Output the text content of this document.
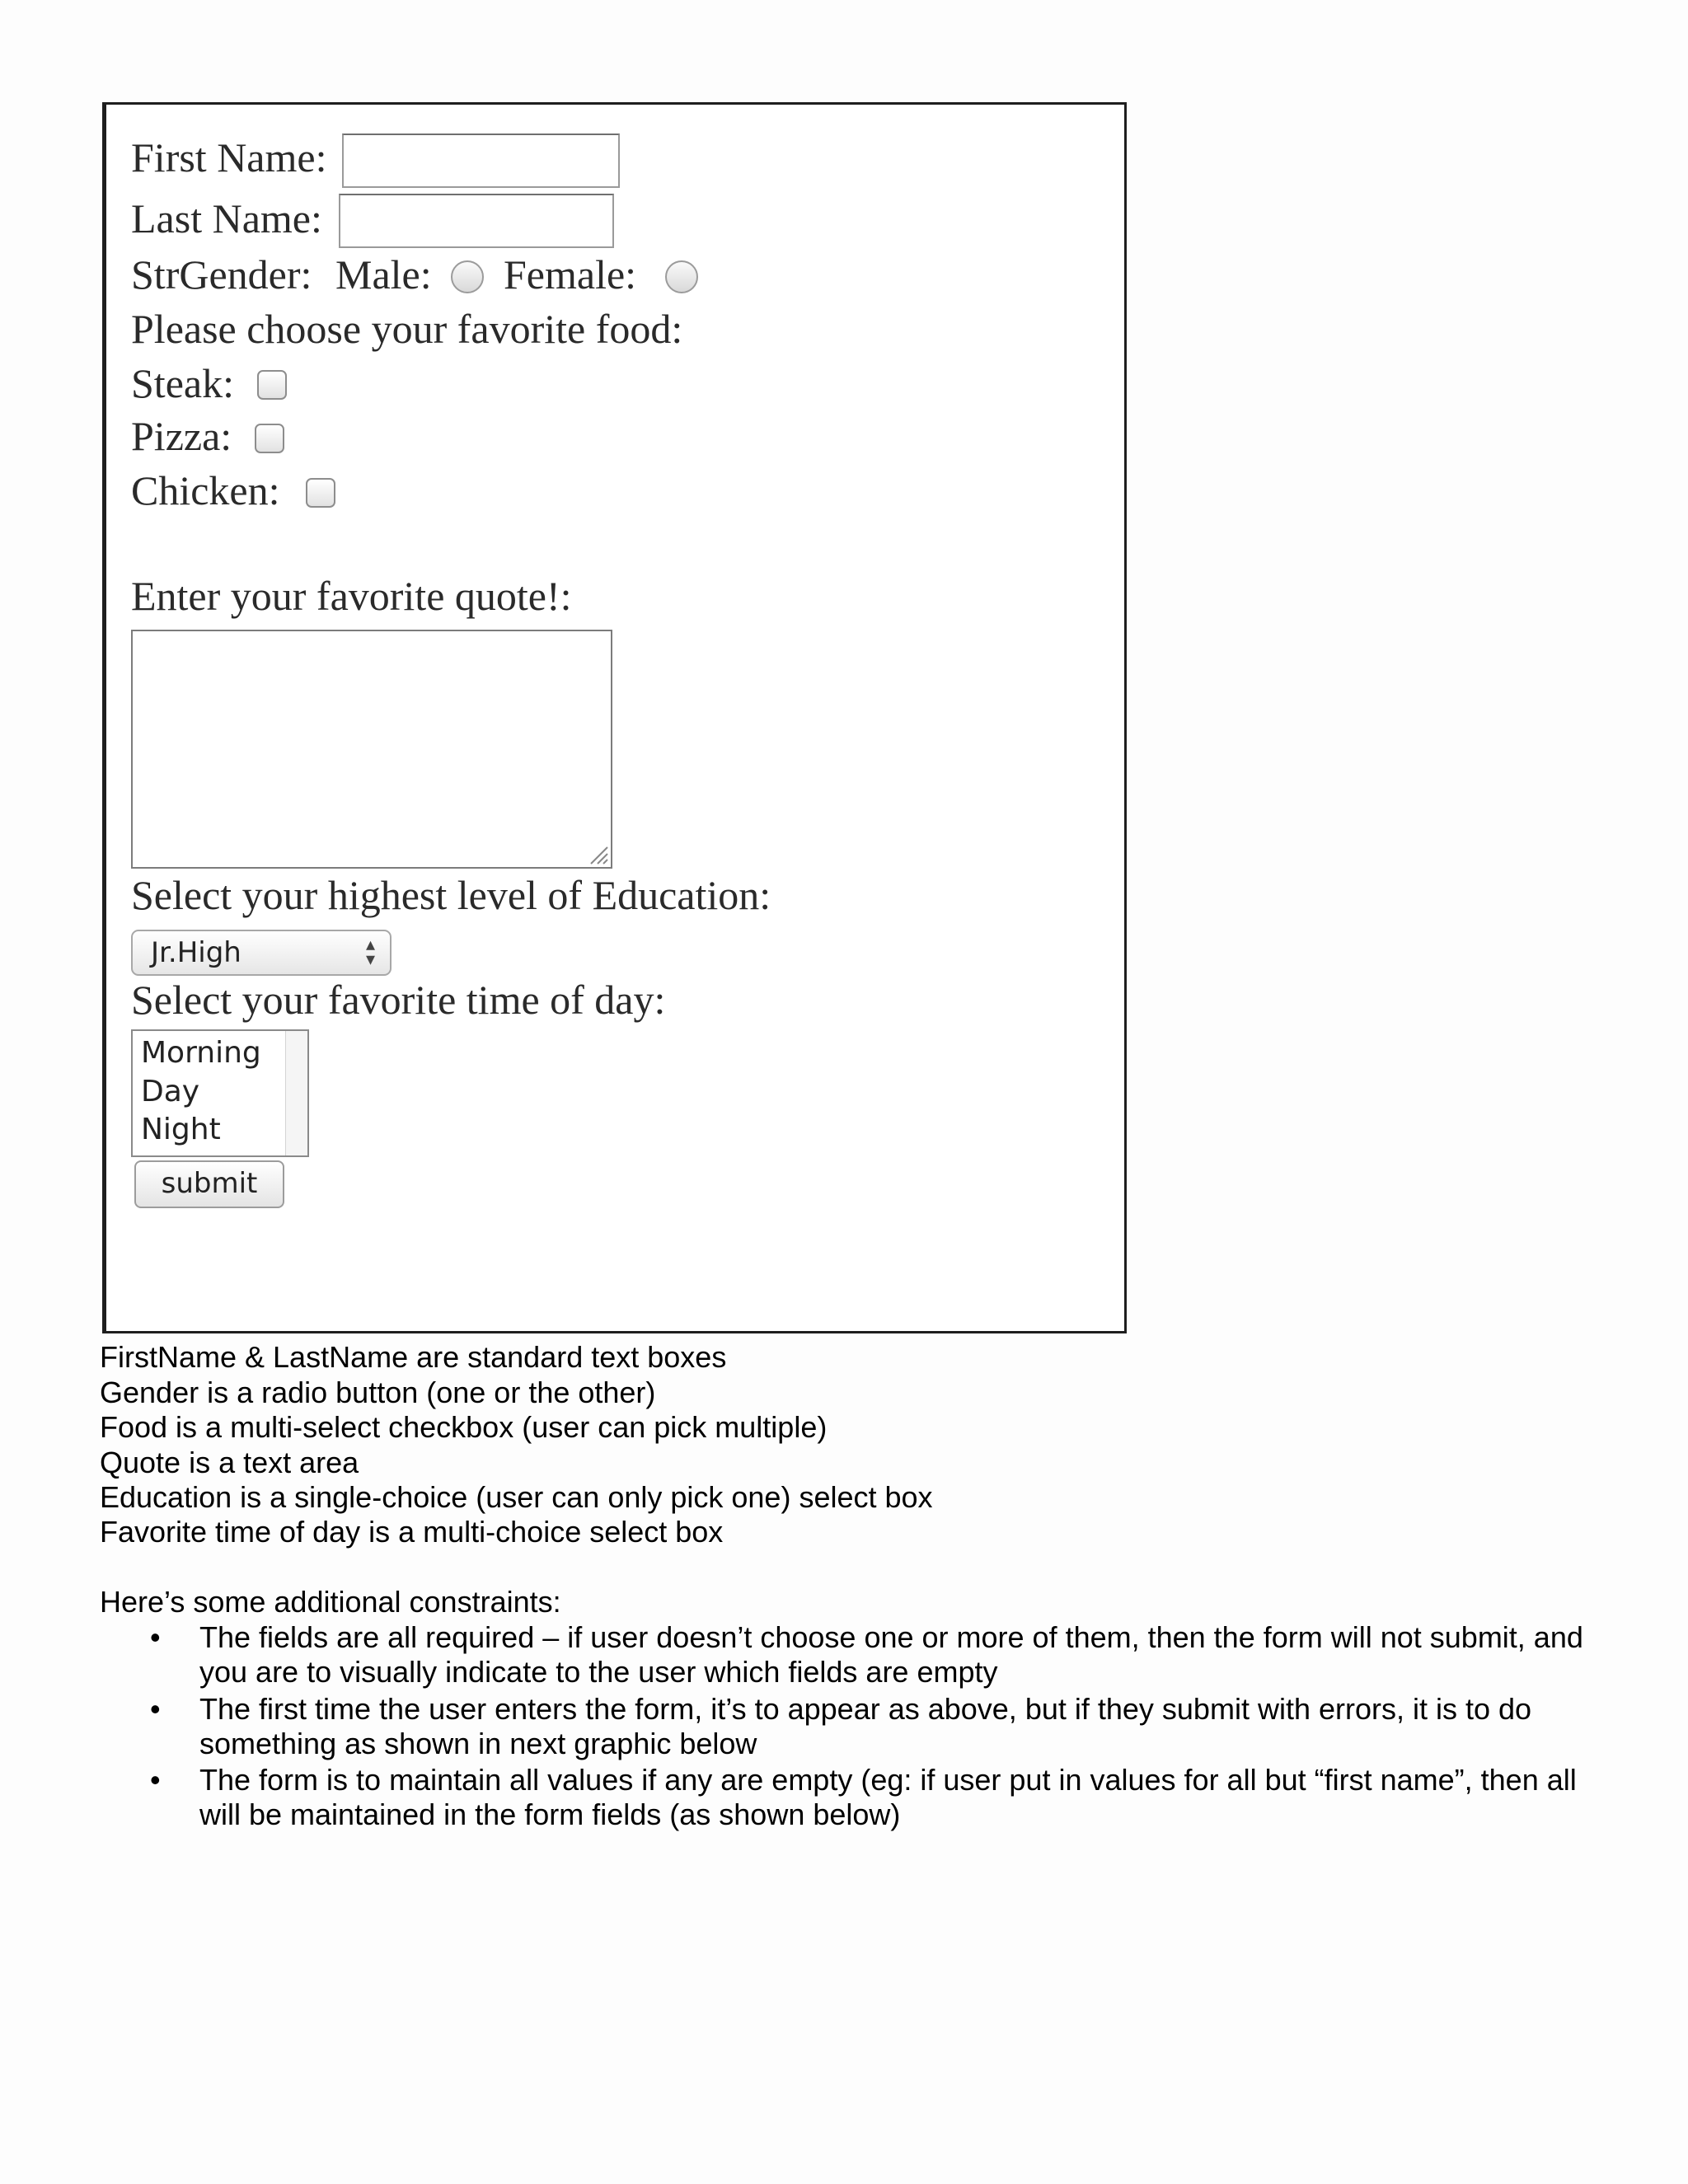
First Name:
Last Name:
StrGender: Male: Female:
Please choose your favorite food:
Steak:
Pizza:
Chicken:
Enter your favorite quote!:
Select your highest level of Education:
Jr.High	▴
▾
Select your favorite time of day:
Morning
Day
Night
submit
FirstName & LastName are standard text boxes
Gender is a radio button (one or the other)
Food is a multi-select checkbox (user can pick multiple)
Quote is a text area
Education is a single-choice (user can only pick one) select box
Favorite time of day is a multi-choice select box
Here’s some additional constraints:
• The fields are all required – if user doesn’t choose one or more of them, then the form will not submit, and you are to visually indicate to the user which fields are empty
• The first time the user enters the form, it’s to appear as above, but if they submit with errors, it is to do something as shown in next graphic below
• The form is to maintain all values if any are empty (eg: if user put in values for all but “first name”, then all will be maintained in the form fields (as shown below)
